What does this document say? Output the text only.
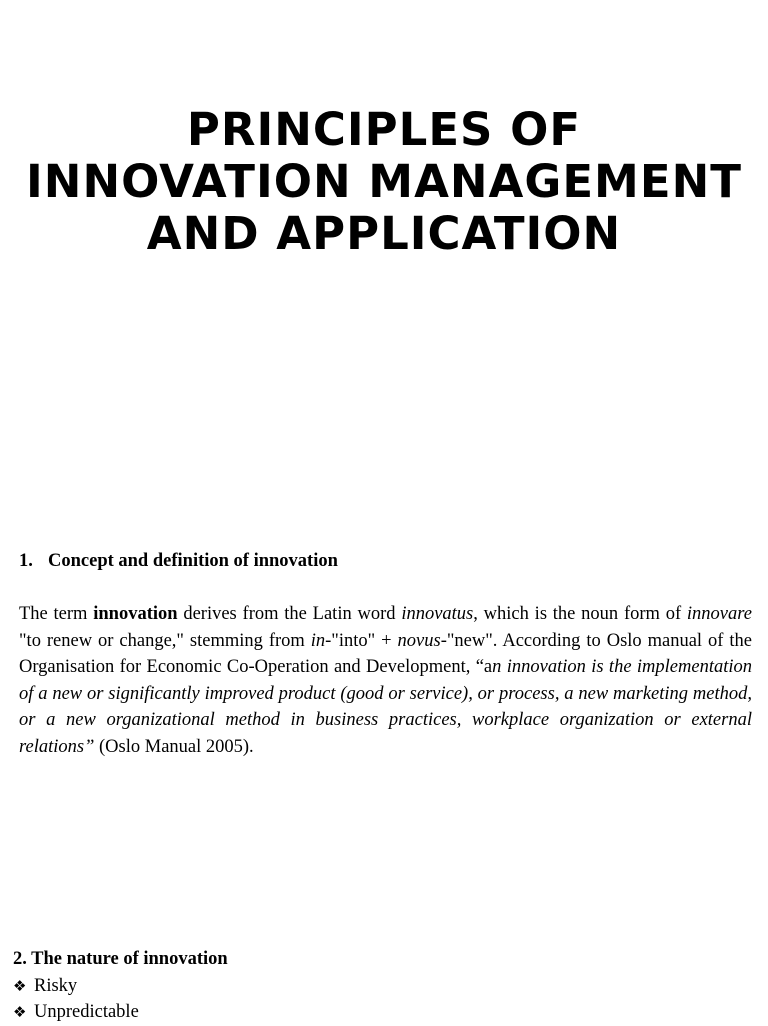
PRINCIPLES OF
INNOVATION MANAGEMENT
AND APPLICATION

1. Concept and definition of innovation

The term innovation derives from the Latin word innovatus, which is the noun form of innovare "to renew or change," stemming from in-"into" + novus-"new". According to Oslo manual of the Organisation for Economic Co-Operation and Development, “an innovation is the implementation of a new or significantly improved product (good or service), or process, a new marketing method, or a new organizational method in business practices, workplace organization or external relations” (Oslo Manual 2005).

2. The nature of innovation

❖ Risky
❖ Unpredictable
